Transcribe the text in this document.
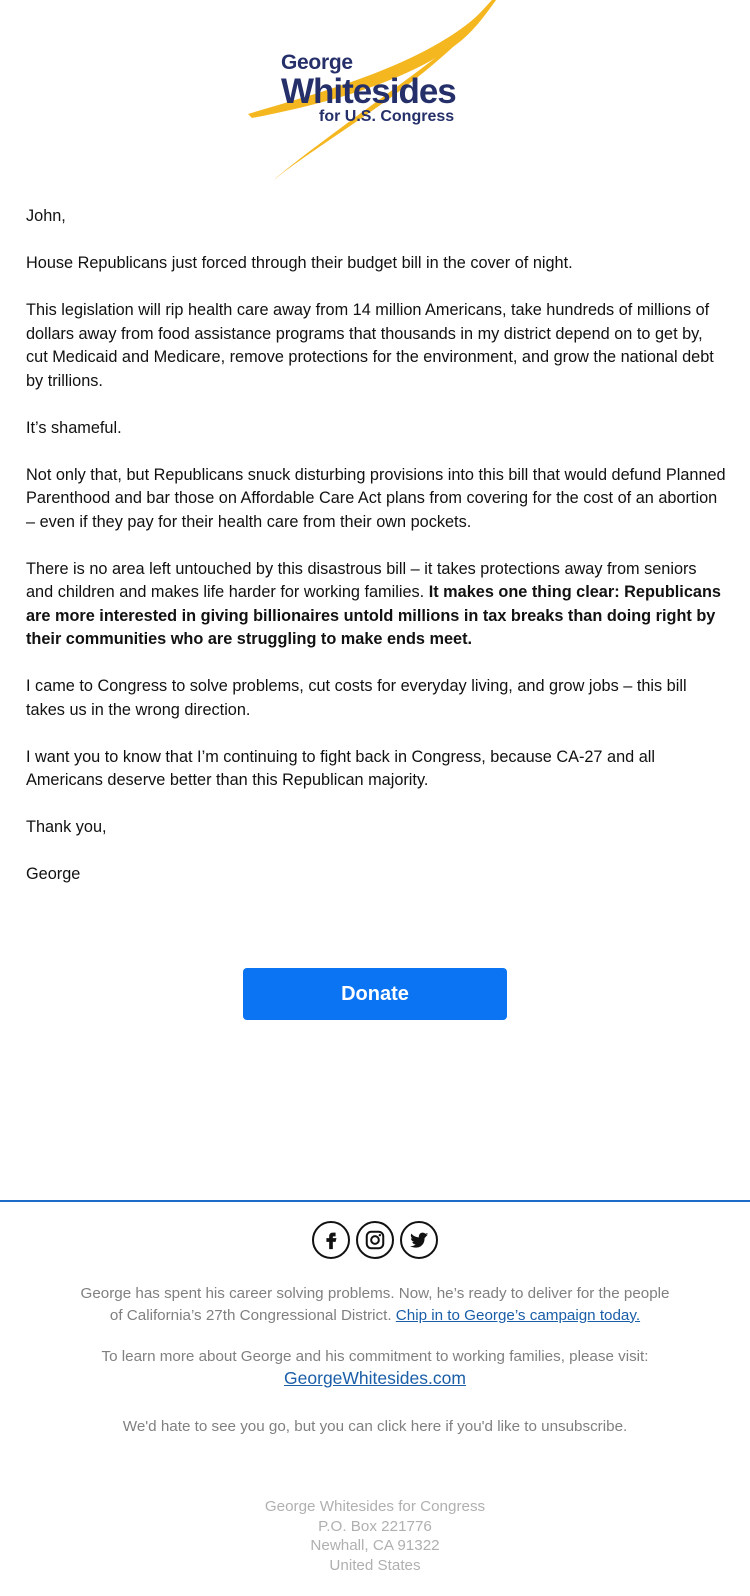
George
Whitesides
for U.S. Congress

John,

House Republicans just forced through their budget bill in the cover of night.

This legislation will rip health care away from 14 million Americans, take hundreds of millions of dollars away from food assistance programs that thousands in my district depend on to get by, cut Medicaid and Medicare, remove protections for the environment, and grow the national debt by trillions.

It’s shameful.

Not only that, but Republicans snuck disturbing provisions into this bill that would defund Planned Parenthood and bar those on Affordable Care Act plans from covering for the cost of an abortion – even if they pay for their health care from their own pockets.

There is no area left untouched by this disastrous bill – it takes protections away from seniors and children and makes life harder for working families. It makes one thing clear: Republicans are more interested in giving billionaires untold millions in tax breaks than doing right by their communities who are struggling to make ends meet.

I came to Congress to solve problems, cut costs for everyday living, and grow jobs – this bill takes us in the wrong direction.

I want you to know that I’m continuing to fight back in Congress, because CA-27 and all Americans deserve better than this Republican majority.

Thank you,

George

Donate

George has spent his career solving problems. Now, he’s ready to deliver for the people of California’s 27th Congressional District. Chip in to George’s campaign today.

To learn more about George and his commitment to working families, please visit:
GeorgeWhitesides.com

We'd hate to see you go, but you can click here if you'd like to unsubscribe.

George Whitesides for Congress
P.O. Box 221776
Newhall, CA 91322
United States
